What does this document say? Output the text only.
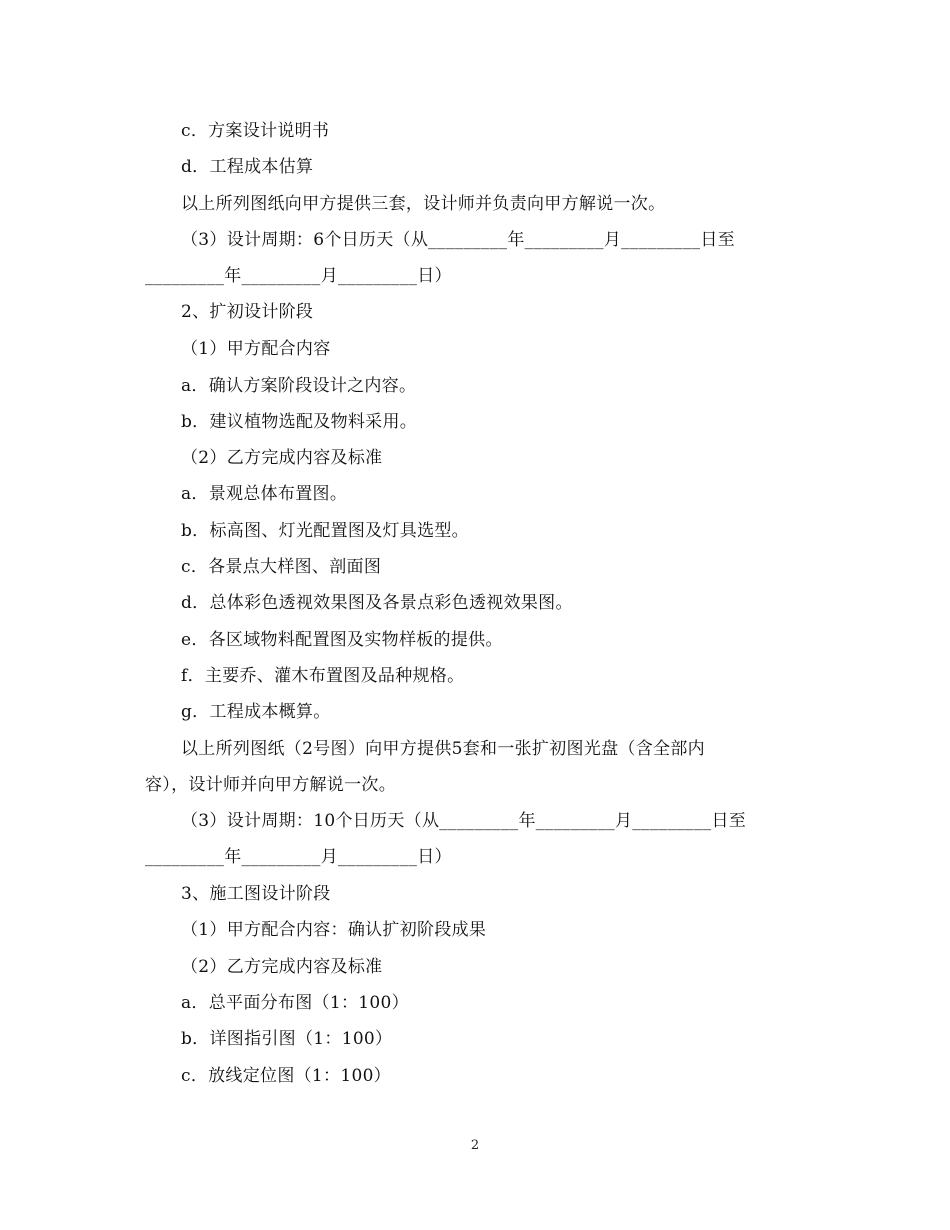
c．方案设计说明书
d．工程成本估算
以上所列图纸向甲方提供三套，设计师并负责向甲方解说一次。
（3）设计周期：6个日历天（从_________年_________月_________日至
_________年_________月_________日）
2、扩初设计阶段
（1）甲方配合内容
a．确认方案阶段设计之内容。
b．建议植物选配及物料采用。
（2）乙方完成内容及标准
a．景观总体布置图。
b．标高图、灯光配置图及灯具选型。
c．各景点大样图、剖面图
d．总体彩色透视效果图及各景点彩色透视效果图。
e．各区域物料配置图及实物样板的提供。
f．主要乔、灌木布置图及品种规格。
g．工程成本概算。
以上所列图纸（2号图）向甲方提供5套和一张扩初图光盘（含全部内
容），设计师并向甲方解说一次。
（3）设计周期：10个日历天（从_________年_________月_________日至
_________年_________月_________日）
3、施工图设计阶段
（1）甲方配合内容：确认扩初阶段成果
（2）乙方完成内容及标准
a．总平面分布图（1：100）
b．详图指引图（1：100）
c．放线定位图（1：100）
2
